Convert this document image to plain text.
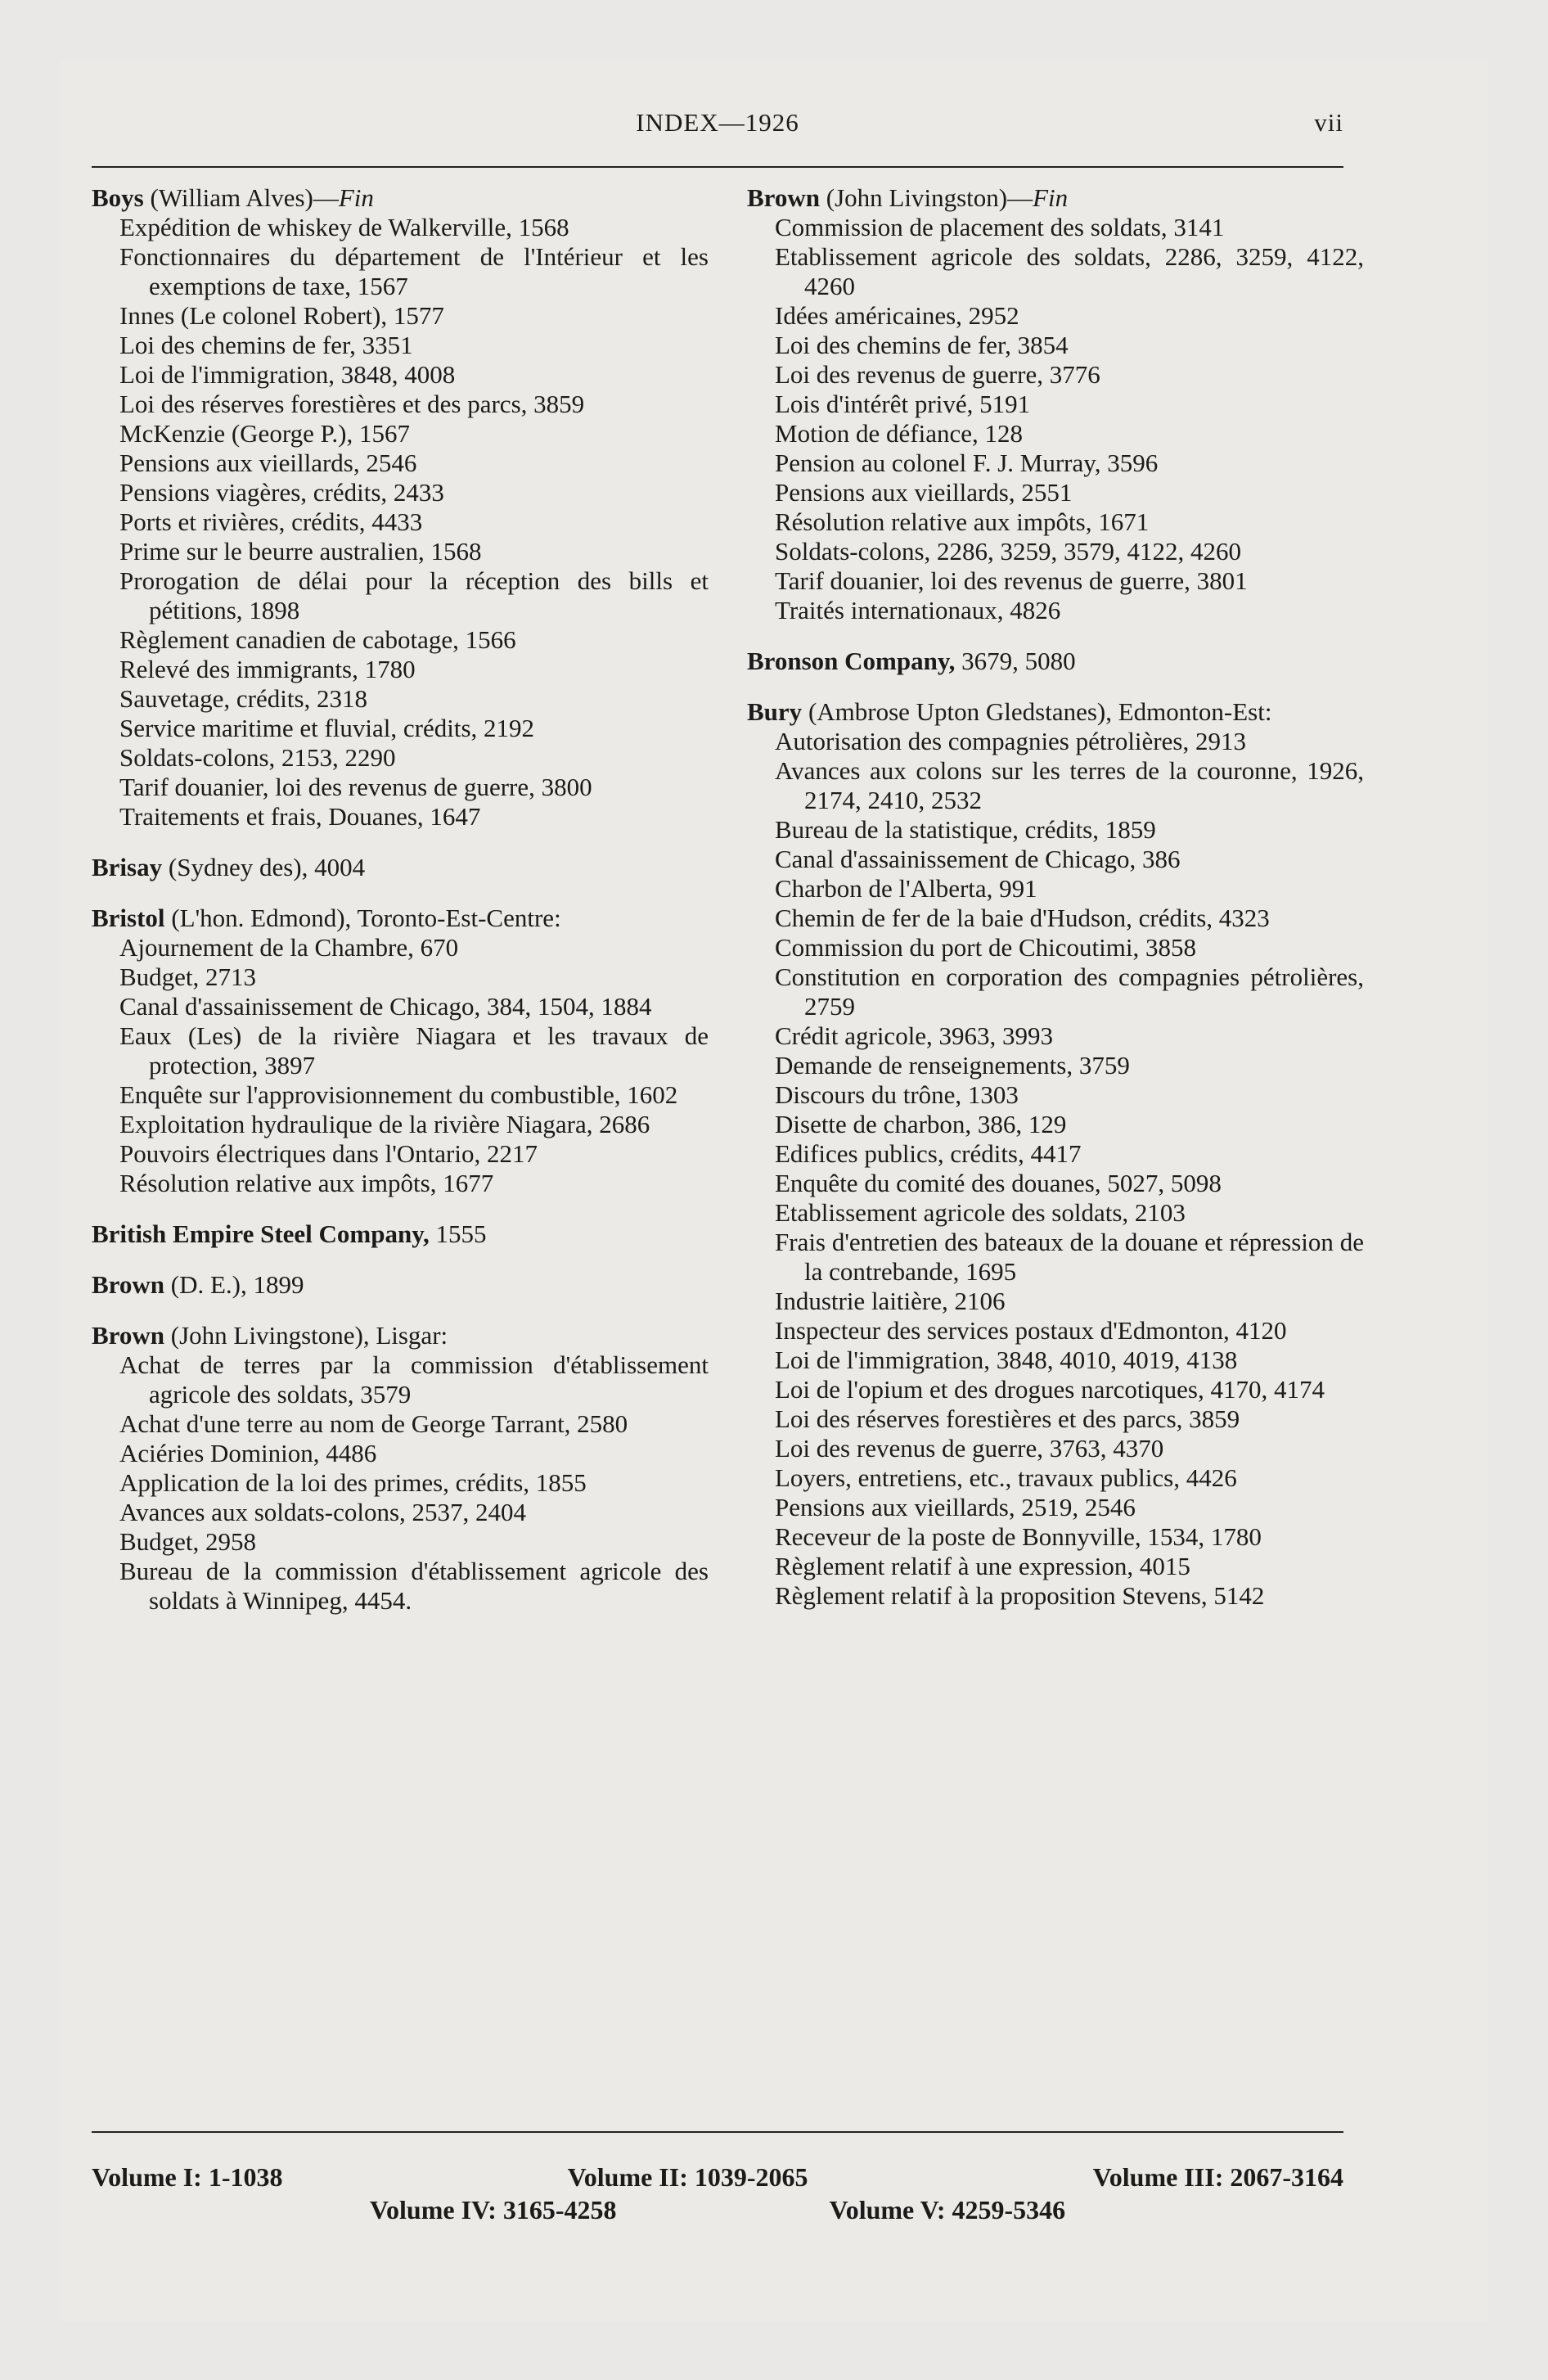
INDEX—1926	vii
Boys (William Alves)—Fin
Expédition de whiskey de Walkerville, 1568
Fonctionnaires du département de l'Intérieur et les exemptions de taxe, 1567
Innes (Le colonel Robert), 1577
Loi des chemins de fer, 3351
Loi de l'immigration, 3848, 4008
Loi des réserves forestières et des parcs, 3859
McKenzie (George P.), 1567
Pensions aux vieillards, 2546
Pensions viagères, crédits, 2433
Ports et rivières, crédits, 4433
Prime sur le beurre australien, 1568
Prorogation de délai pour la réception des bills et pétitions, 1898
Règlement canadien de cabotage, 1566
Relevé des immigrants, 1780
Sauvetage, crédits, 2318
Service maritime et fluvial, crédits, 2192
Soldats-colons, 2153, 2290
Tarif douanier, loi des revenus de guerre, 3800
Traitements et frais, Douanes, 1647
Brisay (Sydney des), 4004
Bristol (L'hon. Edmond), Toronto-Est-Centre:
Ajournement de la Chambre, 670
Budget, 2713
Canal d'assainissement de Chicago, 384, 1504, 1884
Eaux (Les) de la rivière Niagara et les travaux de protection, 3897
Enquête sur l'approvisionnement du combustible, 1602
Exploitation hydraulique de la rivière Niagara, 2686
Pouvoirs électriques dans l'Ontario, 2217
Résolution relative aux impôts, 1677
British Empire Steel Company, 1555
Brown (D. E.), 1899
Brown (John Livingstone), Lisgar:
Achat de terres par la commission d'établissement agricole des soldats, 3579
Achat d'une terre au nom de George Tarrant, 2580
Aciéries Dominion, 4486
Application de la loi des primes, crédits, 1855
Avances aux soldats-colons, 2537, 2404
Budget, 2958
Bureau de la commission d'établissement agricole des soldats à Winnipeg, 4454.
Brown (John Livingston)—Fin
Commission de placement des soldats, 3141
Etablissement agricole des soldats, 2286, 3259, 4122, 4260
Idées américaines, 2952
Loi des chemins de fer, 3854
Loi des revenus de guerre, 3776
Lois d'intérêt privé, 5191
Motion de défiance, 128
Pension au colonel F. J. Murray, 3596
Pensions aux vieillards, 2551
Résolution relative aux impôts, 1671
Soldats-colons, 2286, 3259, 3579, 4122, 4260
Tarif douanier, loi des revenus de guerre, 3801
Traités internationaux, 4826
Bronson Company, 3679, 5080
Bury (Ambrose Upton Gledstanes), Edmonton-Est:
Autorisation des compagnies pétrolières, 2913
Avances aux colons sur les terres de la couronne, 1926, 2174, 2410, 2532
Bureau de la statistique, crédits, 1859
Canal d'assainissement de Chicago, 386
Charbon de l'Alberta, 991
Chemin de fer de la baie d'Hudson, crédits, 4323
Commission du port de Chicoutimi, 3858
Constitution en corporation des compagnies pétrolières, 2759
Crédit agricole, 3963, 3993
Demande de renseignements, 3759
Discours du trône, 1303
Disette de charbon, 386, 129
Edifices publics, crédits, 4417
Enquête du comité des douanes, 5027, 5098
Etablissement agricole des soldats, 2103
Frais d'entretien des bateaux de la douane et répression de la contrebande, 1695
Industrie laitière, 2106
Inspecteur des services postaux d'Edmonton, 4120
Loi de l'immigration, 3848, 4010, 4019, 4138
Loi de l'opium et des drogues narcotiques, 4170, 4174
Loi des réserves forestières et des parcs, 3859
Loi des revenus de guerre, 3763, 4370
Loyers, entretiens, etc., travaux publics, 4426
Pensions aux vieillards, 2519, 2546
Receveur de la poste de Bonnyville, 1534, 1780
Règlement relatif à une expression, 4015
Règlement relatif à la proposition Stevens, 5142
Volume I: 1-1038	Volume II: 1039-2065	Volume III: 2067-3164
Volume IV: 3165-4258	Volume V: 4259-5346
